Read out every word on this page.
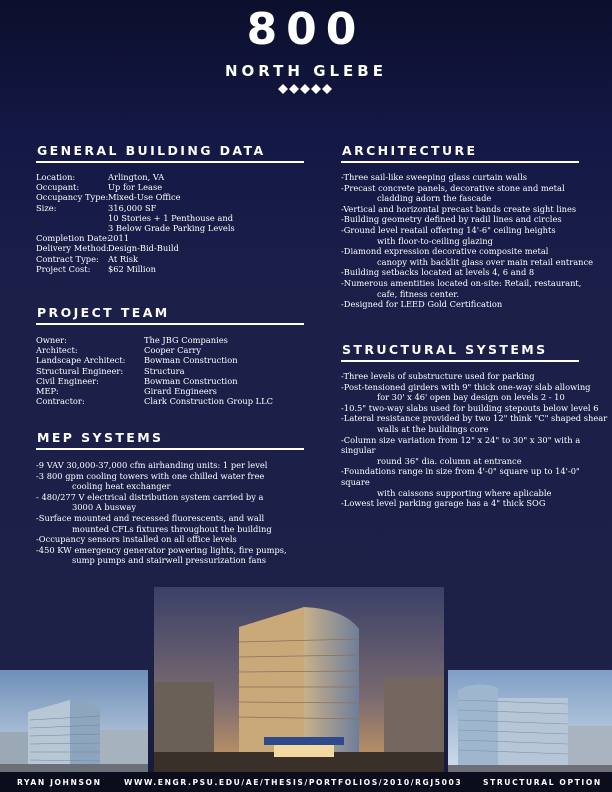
800
NORTH GLEBE
GENERAL BUILDING DATA
Location:	Arlington, VA
Occupant:	Up for Lease
Occupancy Type: Mixed-Use Office
Size:	316,000 SF
10 Stories + 1 Penthouse and
3 Below Grade Parking Levels
Completion Date:
2011
Delivery Method: Design-Bid-Build
Contract Type:	At Risk
Project Cost:	$62 Million
PROJECT TEAM
Owner:	The JBG Companies
Architect:	Cooper Carry
Landscape Architect:	Bowman Construction
Structural Engineer:	Structura
Civil Engineer:	Bowman Construction
MEP:	Girard Engineers
Contractor:	Clark Construction Group LLC
MEP SYSTEMS
-9 VAV 30,000-37,000 cfm airhanding units: 1 per level
-3 800 gpm cooling towers with one chilled water free
cooling heat exchanger
- 480/277 V electrical distribution system carried by a
3000 A busway
-Surface mounted and recessed fluorescents, and wall
mounted CFLs fixtures throughout the building
-Occupancy sensors installed on all office levels
-450 KW emergency generator powering lights, fire pumps,
sump pumps and stairwell pressurization fans
ARCHITECTURE
-Three sail-like sweeping glass curtain walls
-Precast concrete panels, decorative stone and metal
cladding adorn the fascade
-Vertical and horizontal precast bands create sight lines
-Building geometry defined by radil lines and circles
-Ground level reatail offering 14'-6" ceiling heights
with floor-to-ceiling glazing
-Diamond expression decorative composite metal
canopy with backlit glass over main retail entrance
-Building setbacks located at levels 4, 6 and 8
-Numerous amentities located on-site: Retail, restaurant,
cafe, fitness center.
-Designed for LEED Gold Certification
STRUCTURAL SYSTEMS
-Three levels of substructure used for parking
-Post-tensioned girders with 9" thick one-way slab allowing
for 30' x 46' open bay design on levels 2 - 10
-10.5" two-way slabs used for building stepouts below level 6
-Lateral resistance provided by two 12" think "C" shaped shear
walls at the buildings core
-Column size variation from 12" x 24" to 30" x 30" with a singular
round 36" dia. column at entrance
-Foundations range in size from 4'-0" square up to 14'-0" square
with caissons supporting where aplicable
-Lowest level parking garage has a 4" thick SOG
RYAN JOHNSON	WWW.ENGR.PSU.EDU/AE/THESIS/PORTFOLIOS/2010/RGJ5003	STRUCTURAL OPTION
